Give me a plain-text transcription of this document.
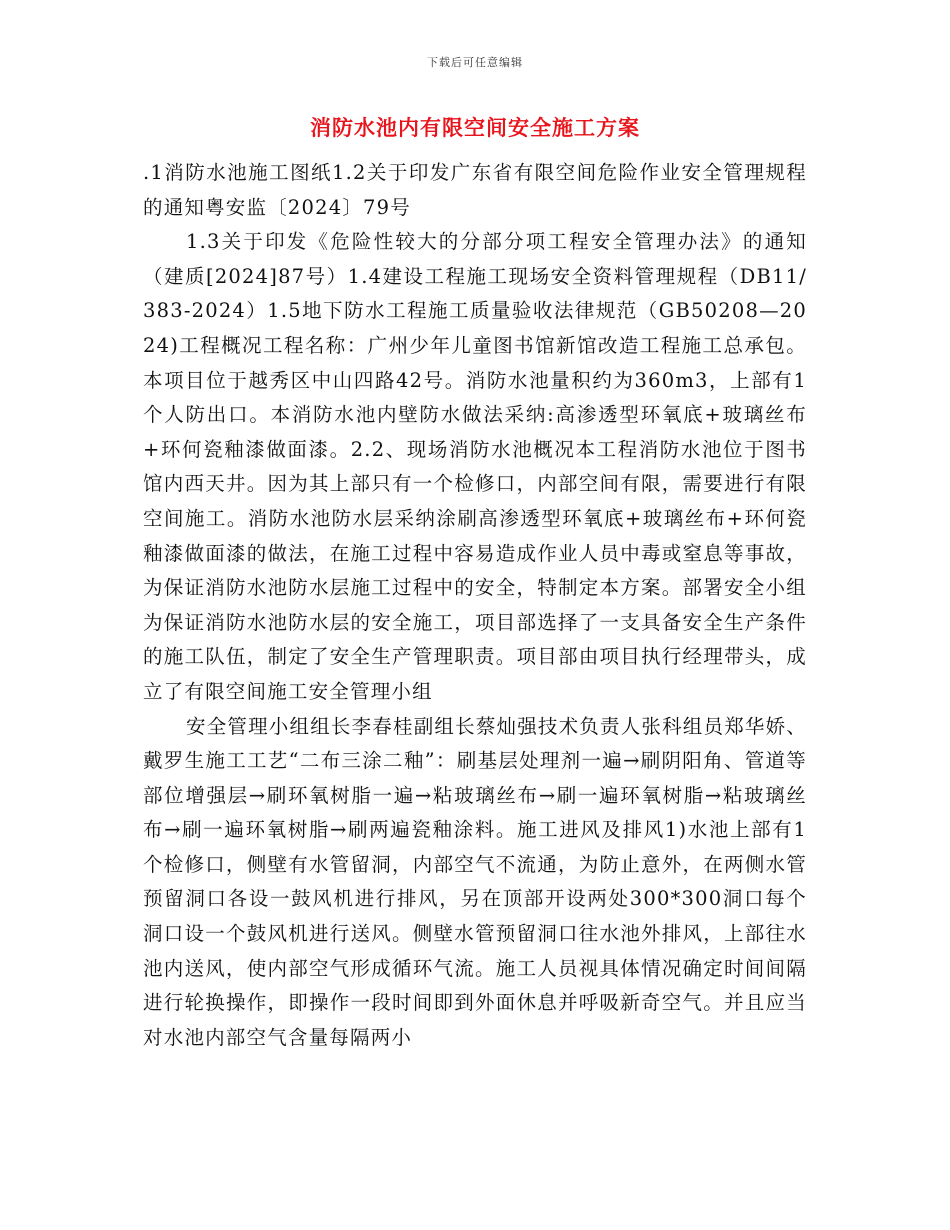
下载后可任意编辑
消防水池内有限空间安全施工方案

.1消防水池施工图纸1.2关于印发广东省有限空间危险作业安全管理规程的通知粤安监〔2024〕79号

1.3关于印发《危险性较大的分部分项工程安全管理办法》的通知（建质[2024]87号）1.4建设工程施工现场安全资料管理规程（DB11/383-2024）1.5地下防水工程施工质量验收法律规范（GB50208—2024)工程概况工程名称：广州少年儿童图书馆新馆改造工程施工总承包。本项目位于越秀区中山四路42号。消防水池量积约为360m3，上部有1个人防出口。本消防水池内壁防水做法采纳:高渗透型环氧底+玻璃丝布+环何瓷釉漆做面漆。2.2、现场消防水池概况本工程消防水池位于图书馆内西天井。因为其上部只有一个检修口，内部空间有限，需要进行有限空间施工。消防水池防水层采纳涂刷高渗透型环氧底+玻璃丝布+环何瓷釉漆做面漆的做法，在施工过程中容易造成作业人员中毒或窒息等事故，为保证消防水池防水层施工过程中的安全，特制定本方案。部署安全小组为保证消防水池防水层的安全施工，项目部选择了一支具备安全生产条件的施工队伍，制定了安全生产管理职责。项目部由项目执行经理带头，成立了有限空间施工安全管理小组

安全管理小组组长李春桂副组长蔡灿强技术负责人张科组员郑华娇、戴罗生施工工艺“二布三涂二釉”：刷基层处理剂一遍→刷阴阳角、管道等部位增强层→刷环氧树脂一遍→粘玻璃丝布→刷一遍环氧树脂→粘玻璃丝布→刷一遍环氧树脂→刷两遍瓷釉涂料。施工进风及排风1)水池上部有1个检修口，侧壁有水管留洞，内部空气不流通，为防止意外，在两侧水管预留洞口各设一鼓风机进行排风，另在顶部开设两处300*300洞口每个洞口设一个鼓风机进行送风。侧壁水管预留洞口往水池外排风，上部往水池内送风，使内部空气形成循环气流。施工人员视具体情况确定时间间隔进行轮换操作，即操作一段时间即到外面休息并呼吸新奇空气。并且应当对水池内部空气含量每隔两小
